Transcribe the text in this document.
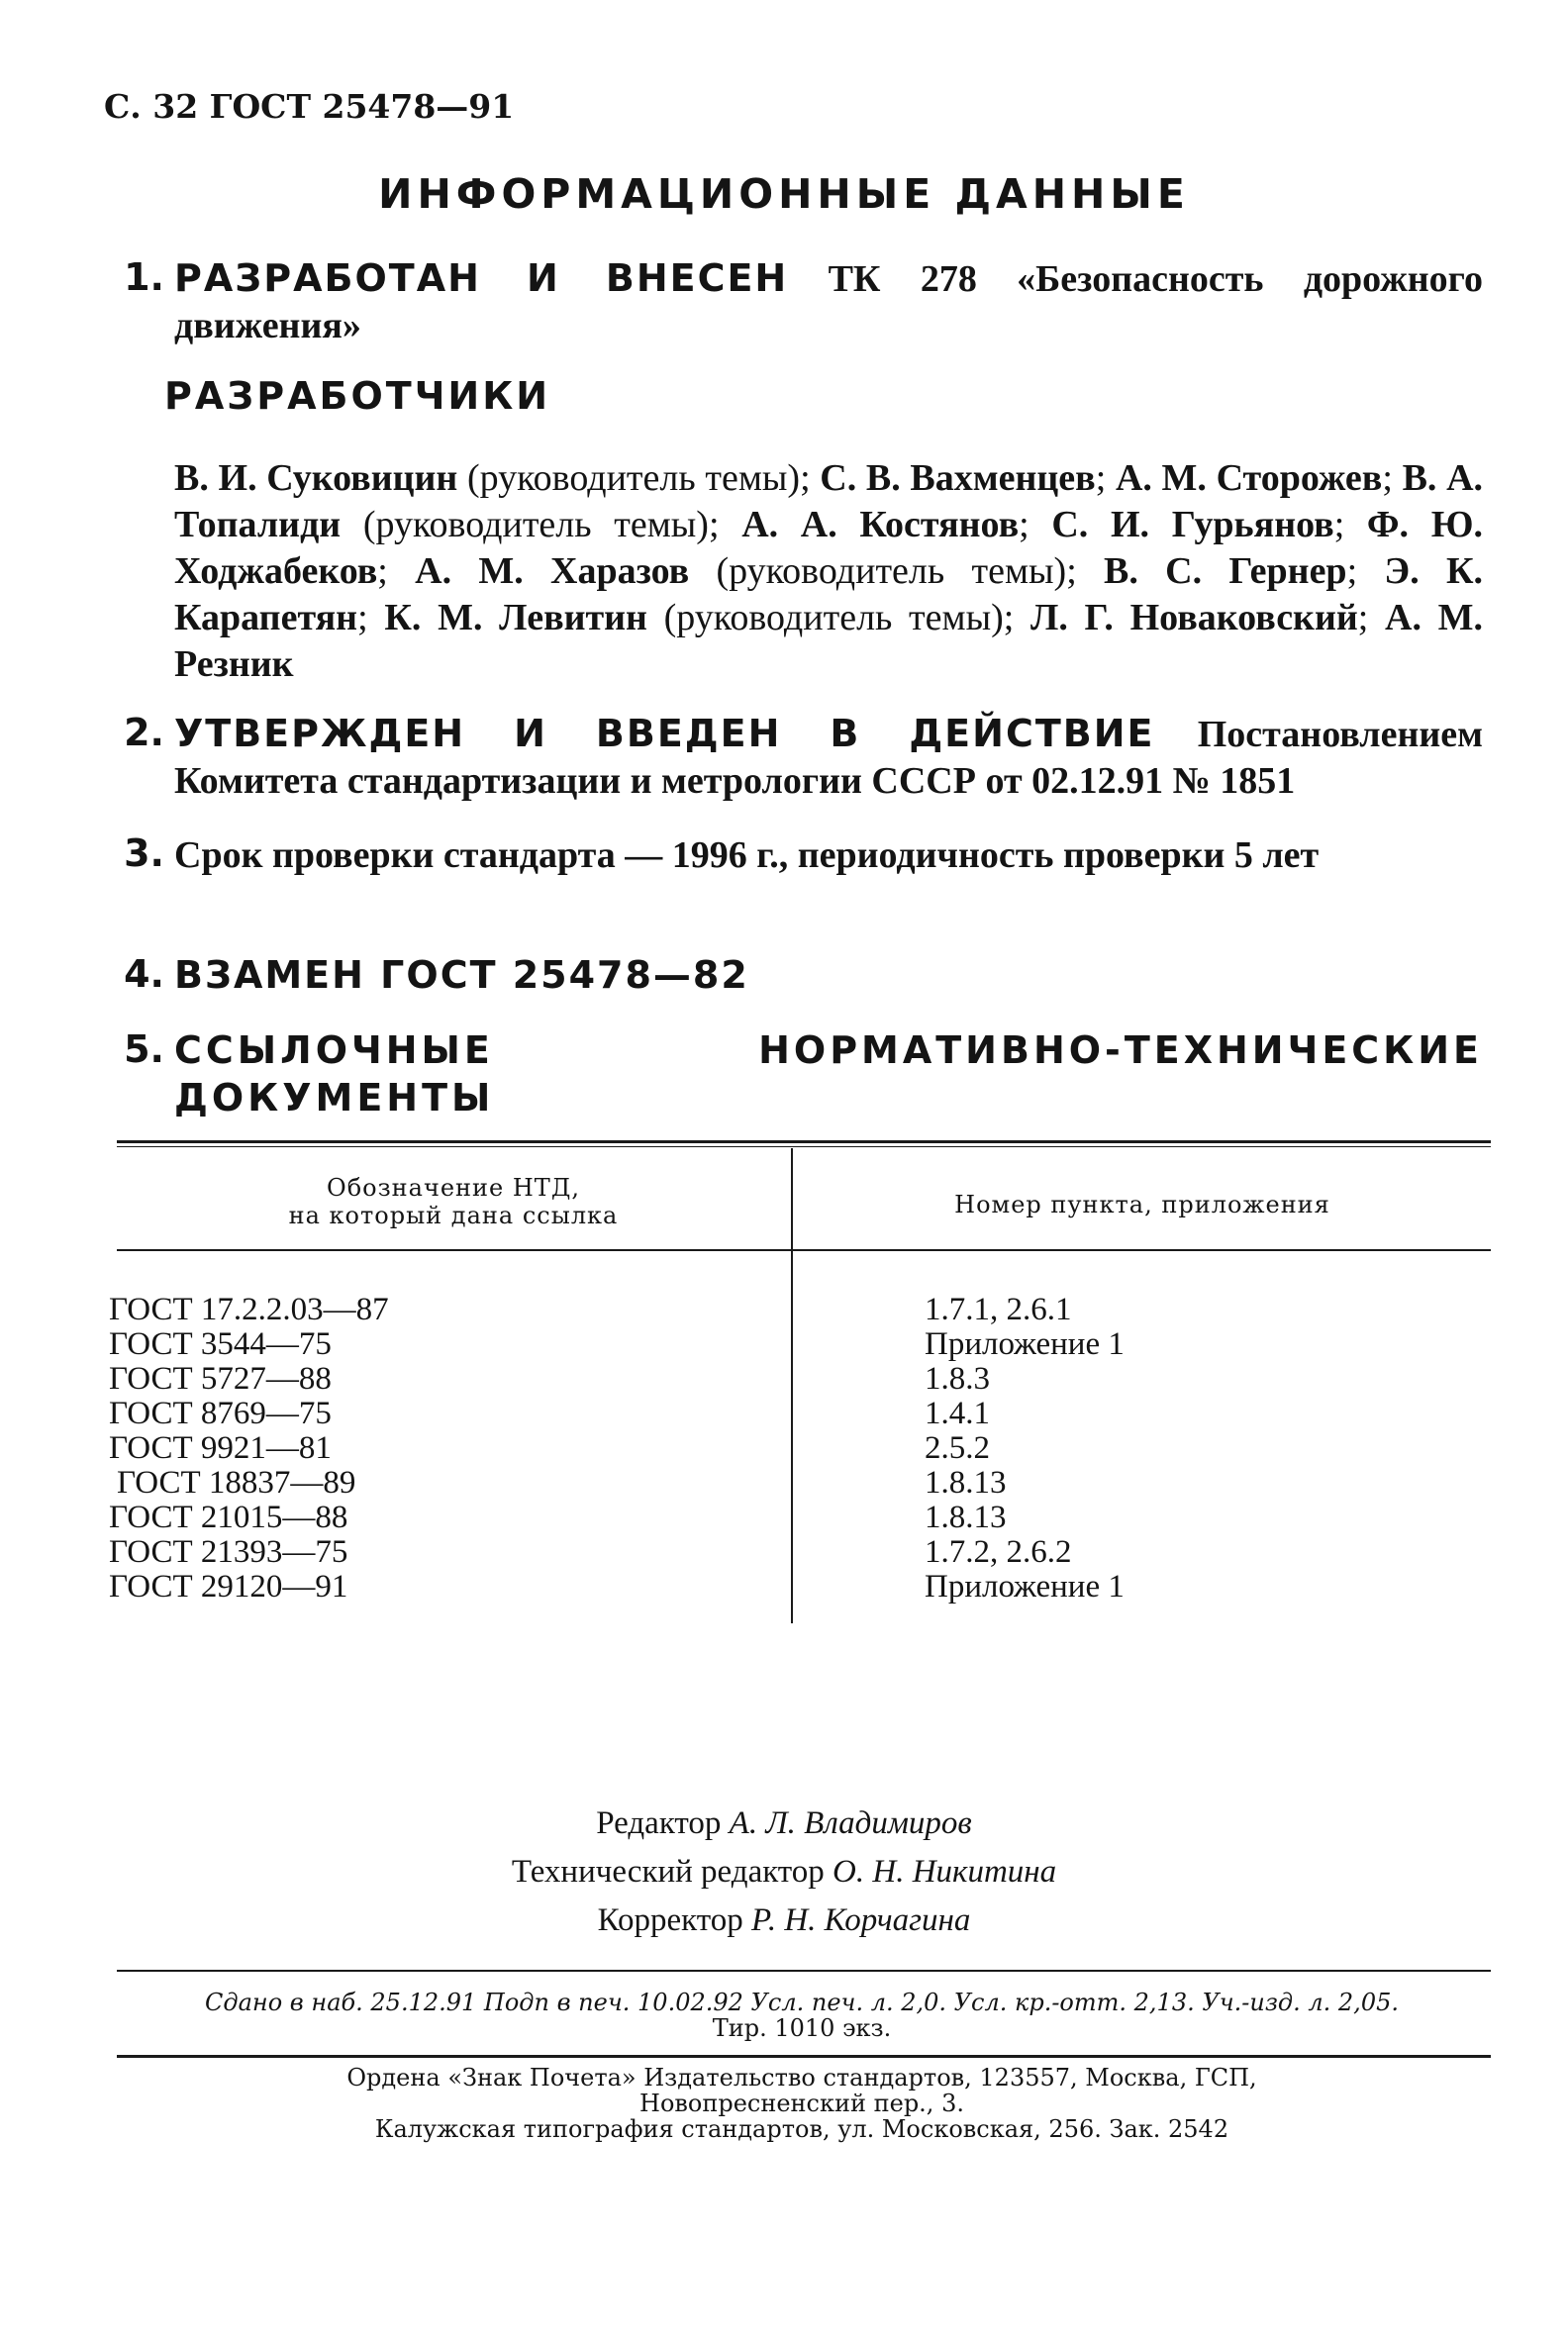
С. 32 ГОСТ 25478—91
ИНФОРМАЦИОННЫЕ ДАННЫЕ
1. РАЗРАБОТАН И ВНЕСЕН ТК 278 «Безопасность дорожного движения»
РАЗРАБОТЧИКИ
В. И. Суковицин (руководитель темы); С. В. Вахменцев; А. М. Сторожев; В. А. Топалиди (руководитель темы); А. А. Костянов; С. И. Гурьянов; Ф. Ю. Ходжабеков; А. М. Харазов (руководитель темы); В. С. Гернер; Э. К. Карапетян; К. М. Левитин (руководитель темы); Л. Г. Новаковский; А. М. Резник
2. УТВЕРЖДЕН И ВВЕДЕН В ДЕЙСТВИЕ Постановлением Комитета стандартизации и метрологии СССР от 02.12.91 № 1851
3. Срок проверки стандарта — 1996 г., периодичность проверки 5 лет
4. ВЗАМЕН ГОСТ 25478—82
5. ССЫЛОЧНЫЕ НОРМАТИВНО-ТЕХНИЧЕСКИЕ ДОКУМЕНТЫ
Обозначение НТД,
на который дана ссылка	Номер пункта, приложения
ГОСТ 17.2.2.03—87	1.7.1, 2.6.1
ГОСТ 3544—75	Приложение 1
ГОСТ 5727—88	1.8.3
ГОСТ 8769—75	1.4.1
ГОСТ 9921—81	2.5.2
ГОСТ 18837—89	1.8.13
ГОСТ 21015—88	1.8.13
ГОСТ 21393—75	1.7.2, 2.6.2
ГОСТ 29120—91	Приложение 1
Редактор А. Л. Владимиров
Технический редактор О. Н. Никитина
Корректор Р. Н. Корчагина
Сдано в наб. 25.12.91 Подп в печ. 10.02.92 Усл. печ. л. 2,0. Усл. кр.-отт. 2,13. Уч.-изд. л. 2,05.
Тир. 1010 экз.
Ордена «Знак Почета» Издательство стандартов, 123557, Москва, ГСП,
Новопресненский пер., 3.
Калужская типография стандартов, ул. Московская, 256. Зак. 2542
